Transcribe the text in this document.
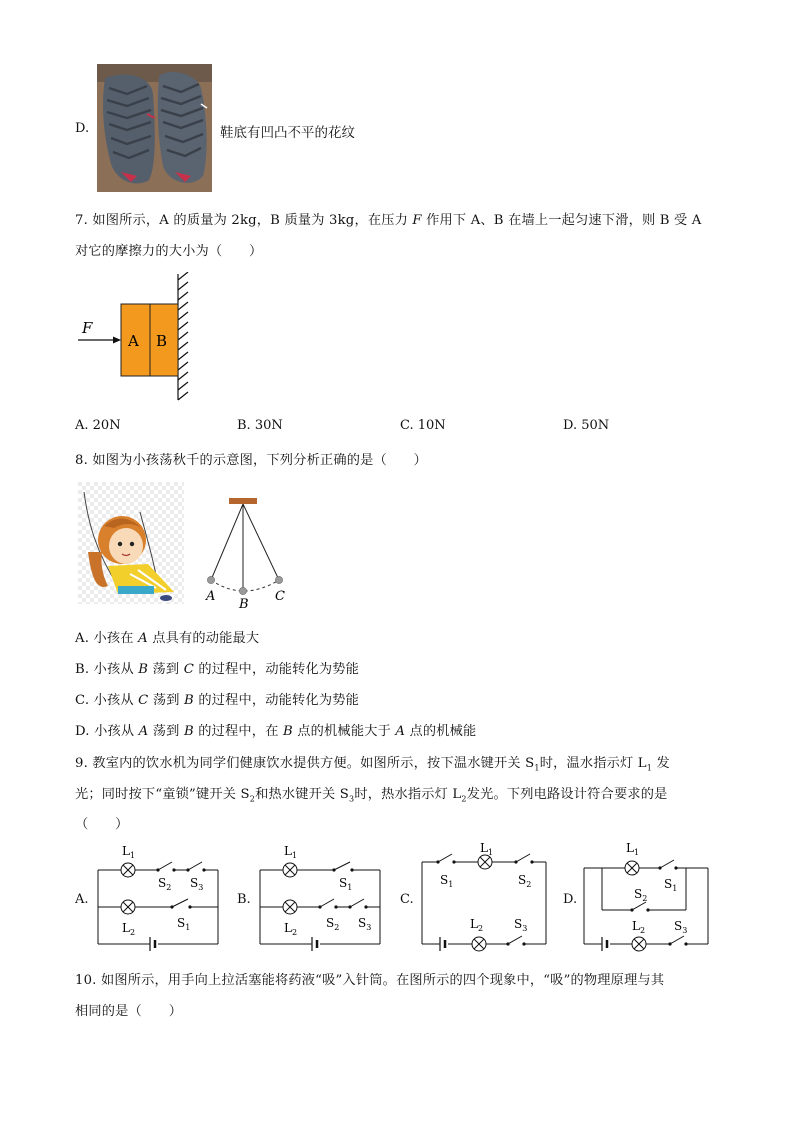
D.	鞋底有凹凸不平的花纹
7. 如图所示，A 的质量为 2kg，B 质量为 3kg，在压力 F 作用下 A、B 在墙上一起匀速下滑，则 B 受 A
对它的摩擦力的大小为（　　）
A B
F
A. 20N	B. 30N	C. 10N	D. 50N
8. 如图为小孩荡秋千的示意图，下列分析正确的是（　　）
A
B
C
A. 小孩在 A 点具有的动能最大
B. 小孩从 B 荡到 C 的过程中，动能转化为势能
C. 小孩从 C 荡到 B 的过程中，动能转化为势能
D. 小孩从 A 荡到 B 的过程中，在 B 点的机械能大于 A 点的机械能
9. 教室内的饮水机为同学们健康饮水提供方便。如图所示，按下温水键开关 $S_1$时，温水指示灯 $L_1$ 发
光；同时按下“童锁”键开关 $S_2$和热水键开关 $S_3$时，热水指示灯 $L_2$发光。下列电路设计符合要求的是
（　　）
A.	B.	C.	D.
$L_1$
$S_2$ $S_3$
$S_1$
$L_2$
$L_1$
$S_1$
$S_2$ $S_3$
$L_2$
$L_1$
$S_1$	$S_2$
$L_2$	$S_3$
$L_1$
$S_1$
$S_2$
$L_2$ $S_3$
10. 如图所示，用手向上拉活塞能将药液“吸”入针筒。在图所示的四个现象中，“吸”的物理原理与其
相同的是（　　）
